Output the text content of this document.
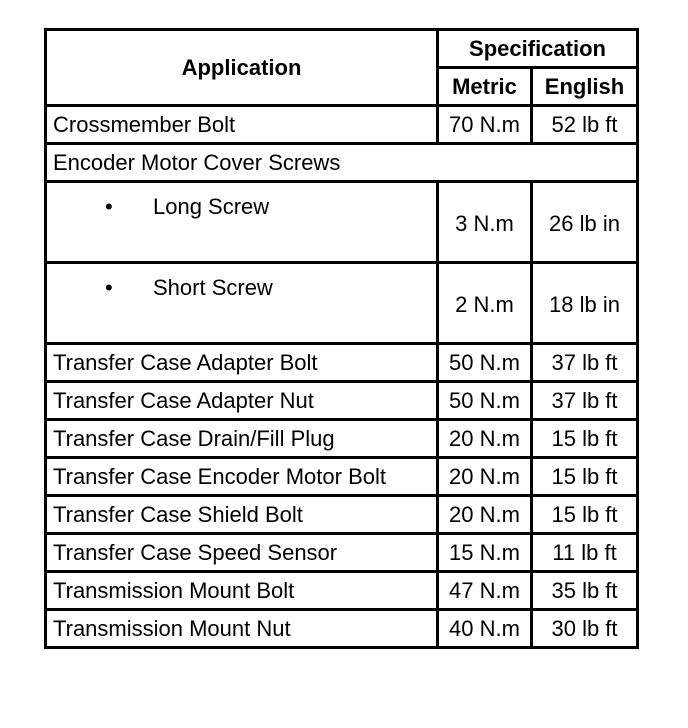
Application	Specification	
	Metric	English
Crossmember Bolt	70 N.m	52 lb ft
Encoder Motor Cover Screws		

• Long Screw	3 N.m	26 lb in

• Short Screw	2 N.m	18 lb in
Transfer Case Adapter Bolt	50 N.m	37 lb ft
Transfer Case Adapter Nut	50 N.m	37 lb ft
Transfer Case Drain/Fill Plug	20 N.m	15 lb ft
Transfer Case Encoder Motor Bolt	20 N.m	15 lb ft
Transfer Case Shield Bolt	20 N.m	15 lb ft
Transfer Case Speed Sensor	15 N.m	11 lb ft
Transmission Mount Bolt	47 N.m	35 lb ft
Transmission Mount Nut	40 N.m	30 lb ft
